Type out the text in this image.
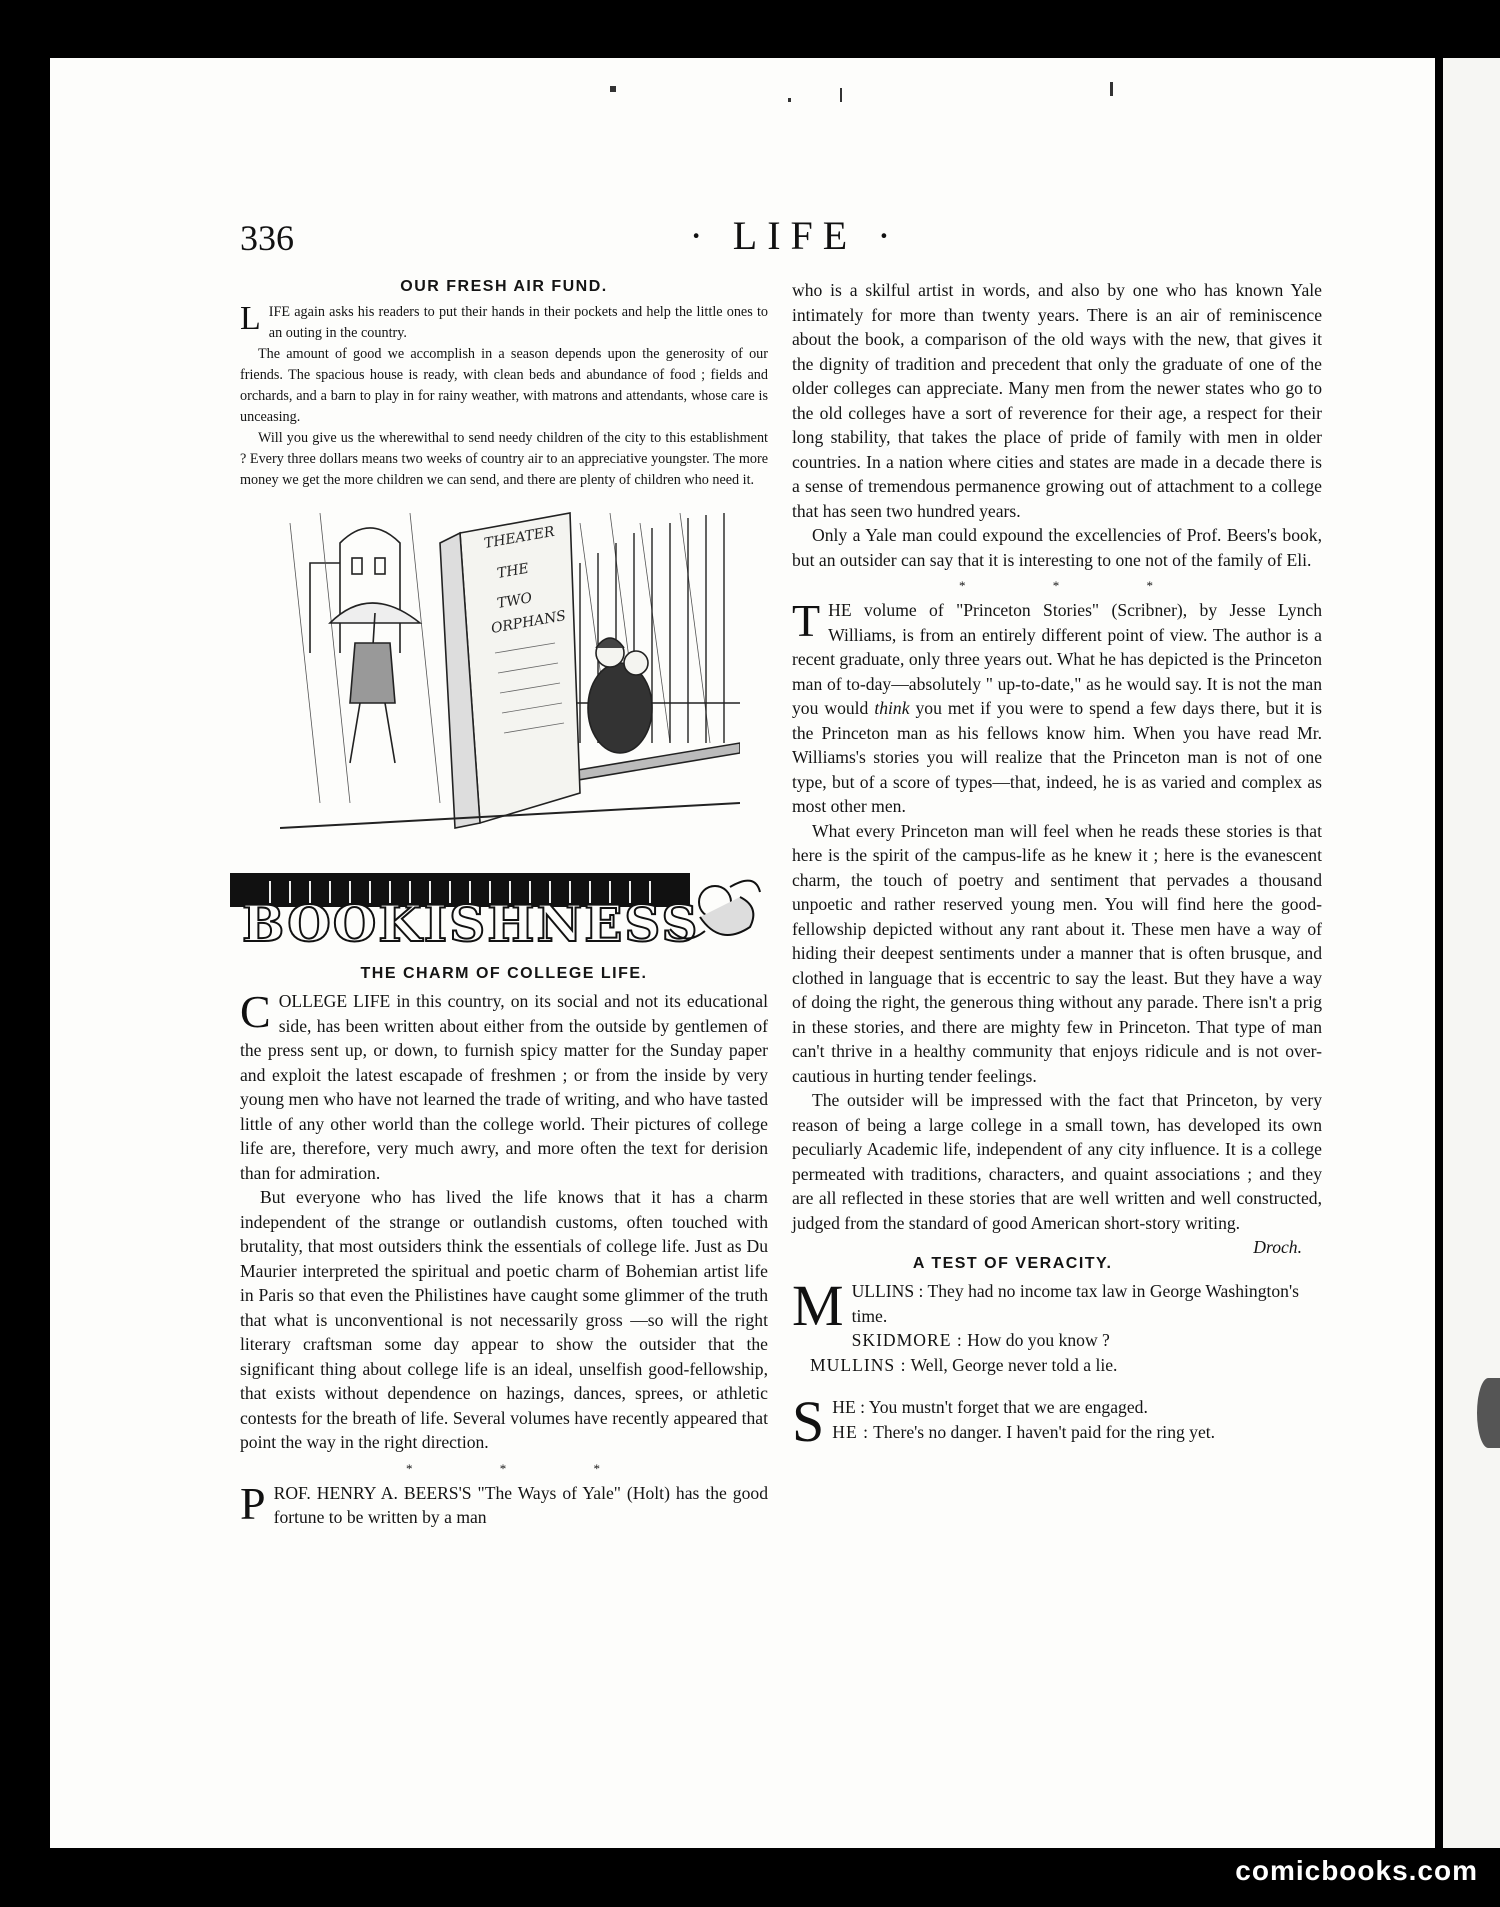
336	· LIFE ·
OUR FRESH AIR FUND.

LIFE again asks his readers to put their hands in their pockets and help the little ones to an outing in the country.

The amount of good we accomplish in a season depends upon the generosity of our friends. The spacious house is ready, with clean beds and abundance of food ; fields and orchards, and a barn to play in for rainy weather, with matrons and attendants, whose care is unceasing.

Will you give us the wherewithal to send needy children of the city to this establishment ? Every three dollars means two weeks of country air to an appreciative youngster. The more money we get the more children we can send, and there are plenty of children who need it.

THEATER
THE
TWO
ORPHANS
BOOKISHNESS
THE CHARM OF COLLEGE LIFE.

COLLEGE LIFE in this country, on its social and not its educational side, has been written about either from the outside by gentlemen of the press sent up, or down, to furnish spicy matter for the Sunday paper and exploit the latest escapade of freshmen ; or from the inside by very young men who have not learned the trade of writing, and who have tasted little of any other world than the college world. Their pictures of college life are, therefore, very much awry, and more often the text for derision than for admiration.

But everyone who has lived the life knows that it has a charm independent of the strange or outlandish customs, often touched with brutality, that most outsiders think the essentials of college life. Just as Du Maurier interpreted the spiritual and poetic charm of Bohemian artist life in Paris so that even the Philistines have caught some glimmer of the truth that what is unconventional is not necessarily gross —so will the right literary craftsman some day appear to show the outsider that the significant thing about college life is an ideal, unselfish good-fellowship, that exists without dependence on hazings, dances, sprees, or athletic contests for the breath of life. Several volumes have recently appeared that point the way in the right direction.

* * *

PROF. HENRY A. BEERS'S "The Ways of Yale" (Holt) has the good fortune to be written by a man

who is a skilful artist in words, and also by one who has known Yale intimately for more than twenty years. There is an air of reminiscence about the book, a comparison of the old ways with the new, that gives it the dignity of tradition and precedent that only the graduate of one of the older colleges can appreciate. Many men from the newer states who go to the old colleges have a sort of reverence for their age, a respect for their long stability, that takes the place of pride of family with men in older countries. In a nation where cities and states are made in a decade there is a sense of tremendous permanence growing out of attachment to a college that has seen two hundred years.

Only a Yale man could expound the excellencies of Prof. Beers's book, but an outsider can say that it is interesting to one not of the family of Eli.

* * *

THE volume of "Princeton Stories" (Scribner), by Jesse Lynch Williams, is from an entirely different point of view. The author is a recent graduate, only three years out. What he has depicted is the Princeton man of to-day—absolutely " up-to-date," as he would say. It is not the man you would think you met if you were to spend a few days there, but it is the Princeton man as his fellows know him. When you have read Mr. Williams's stories you will realize that the Princeton man is not of one type, but of a score of types—that, indeed, he is as varied and complex as most other men.

What every Princeton man will feel when he reads these stories is that here is the spirit of the campus-life as he knew it ; here is the evanescent charm, the touch of poetry and sentiment that pervades a thousand unpoetic and rather reserved young men. You will find here the good-fellowship depicted without any rant about it. These men have a way of hiding their deepest sentiments under a manner that is often brusque, and clothed in language that is eccentric to say the least. But they have a way of doing the right, the generous thing without any parade. There isn't a prig in these stories, and there are mighty few in Princeton. That type of man can't thrive in a healthy community that enjoys ridicule and is not over-cautious in hurting tender feelings.

The outsider will be impressed with the fact that Princeton, by very reason of being a large college in a small town, has developed its own peculiarly Academic life, independent of any city influence. It is a college permeated with traditions, characters, and quaint associations ; and they are all reflected in these stories that are well written and well constructed, judged from the standard of good American short-story writing.
Droch.

A TEST OF VERACITY.

MULLINS : They had no income tax law in George Washington's time.

SKIDMORE : How do you know ?

MULLINS : Well, George never told a lie.

SHE : You mustn't forget that we are engaged.

HE : There's no danger. I haven't paid for the ring yet.

comicbooks.com
